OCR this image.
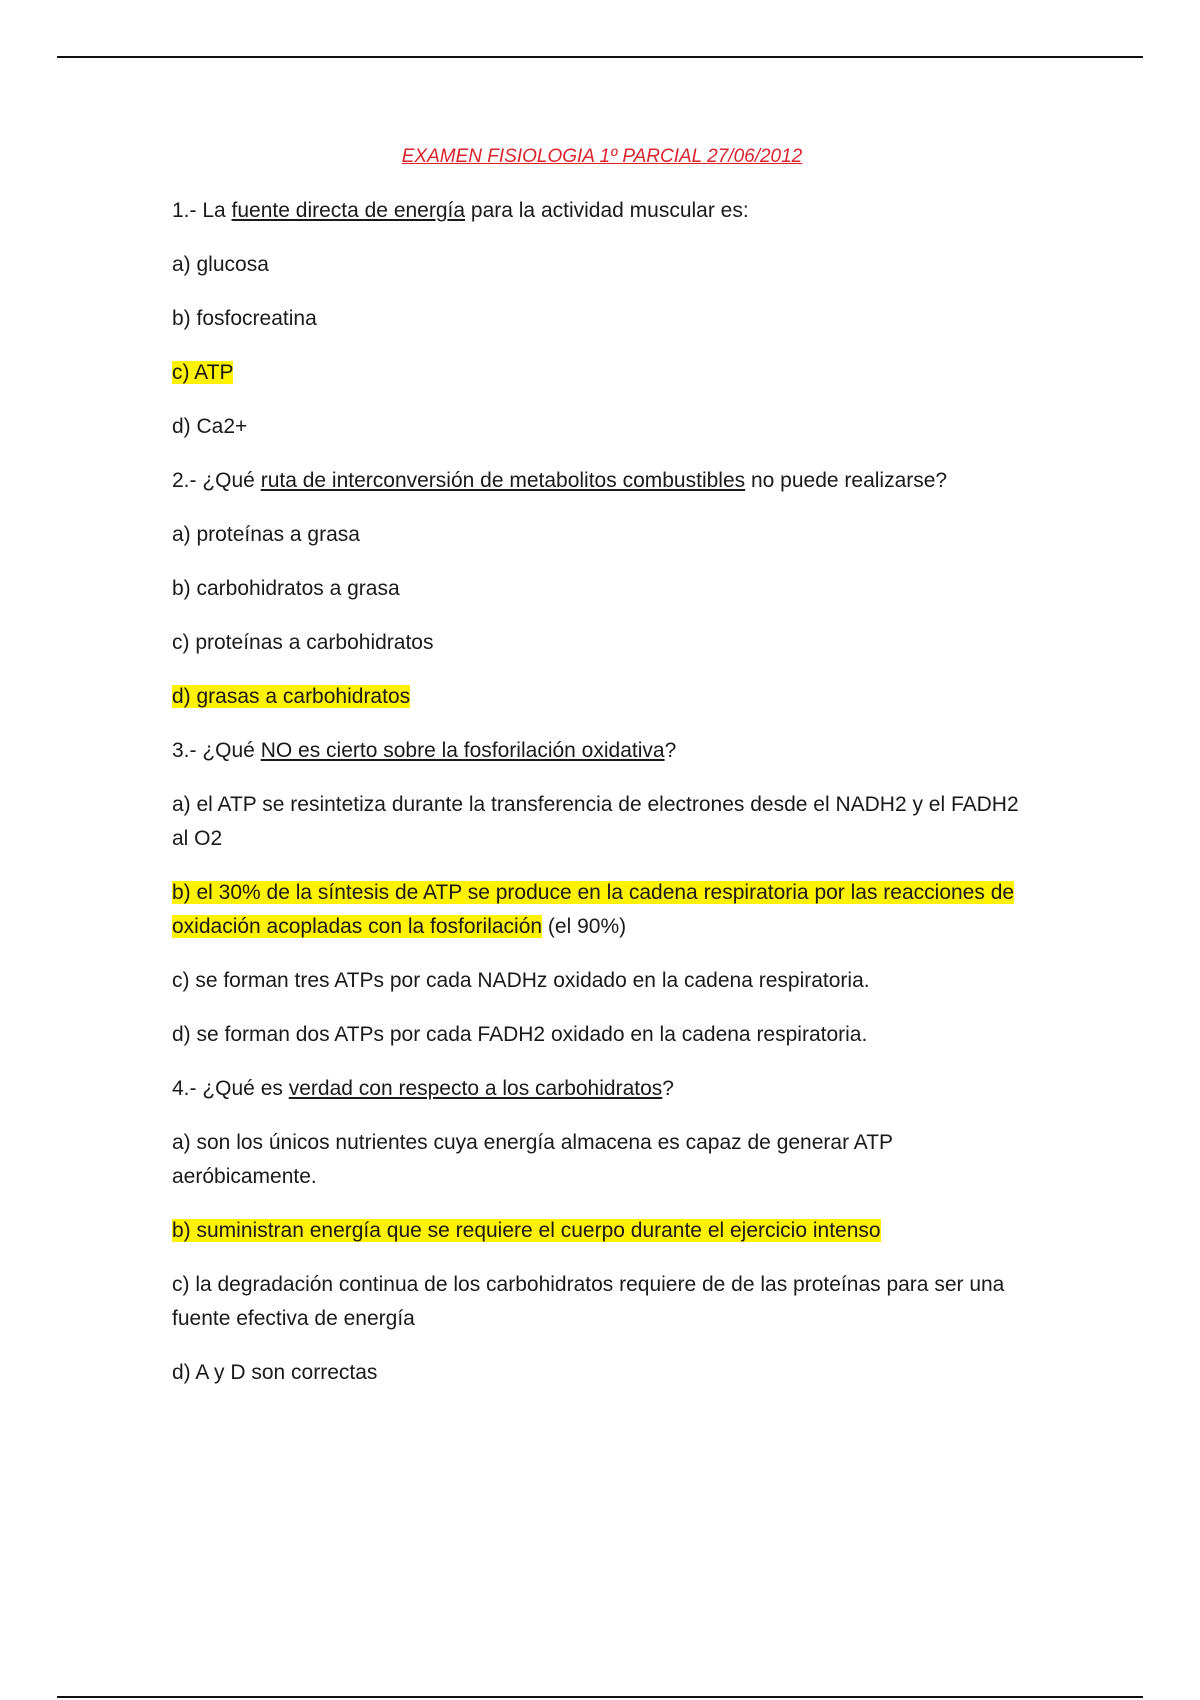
EXAMEN FISIOLOGIA 1º PARCIAL 27/06/2012

1.- La fuente directa de energía para la actividad muscular es:

a) glucosa

b) fosfocreatina

c) ATP

d) Ca2+

2.- ¿Qué ruta de interconversión de metabolitos combustibles no puede realizarse?

a) proteínas a grasa

b) carbohidratos a grasa

c) proteínas a carbohidratos

d) grasas a carbohidratos

3.- ¿Qué NO es cierto sobre la fosforilación oxidativa?

a) el ATP se resintetiza durante la transferencia de electrones desde el NADH2 y el FADH2 al O2

b) el 30% de la síntesis de ATP se produce en la cadena respiratoria por las reacciones de oxidación acopladas con la fosforilación (el 90%)

c) se forman tres ATPs por cada NADHz oxidado en la cadena respiratoria.

d) se forman dos ATPs por cada FADH2 oxidado en la cadena respiratoria.

4.- ¿Qué es verdad con respecto a los carbohidratos?

a) son los únicos nutrientes cuya energía almacena es capaz de generar ATP aeróbicamente.

b) suministran energía que se requiere el cuerpo durante el ejercicio intenso

c) la degradación continua de los carbohidratos requiere de de las proteínas para ser una fuente efectiva de energía

d) A y D son correctas
